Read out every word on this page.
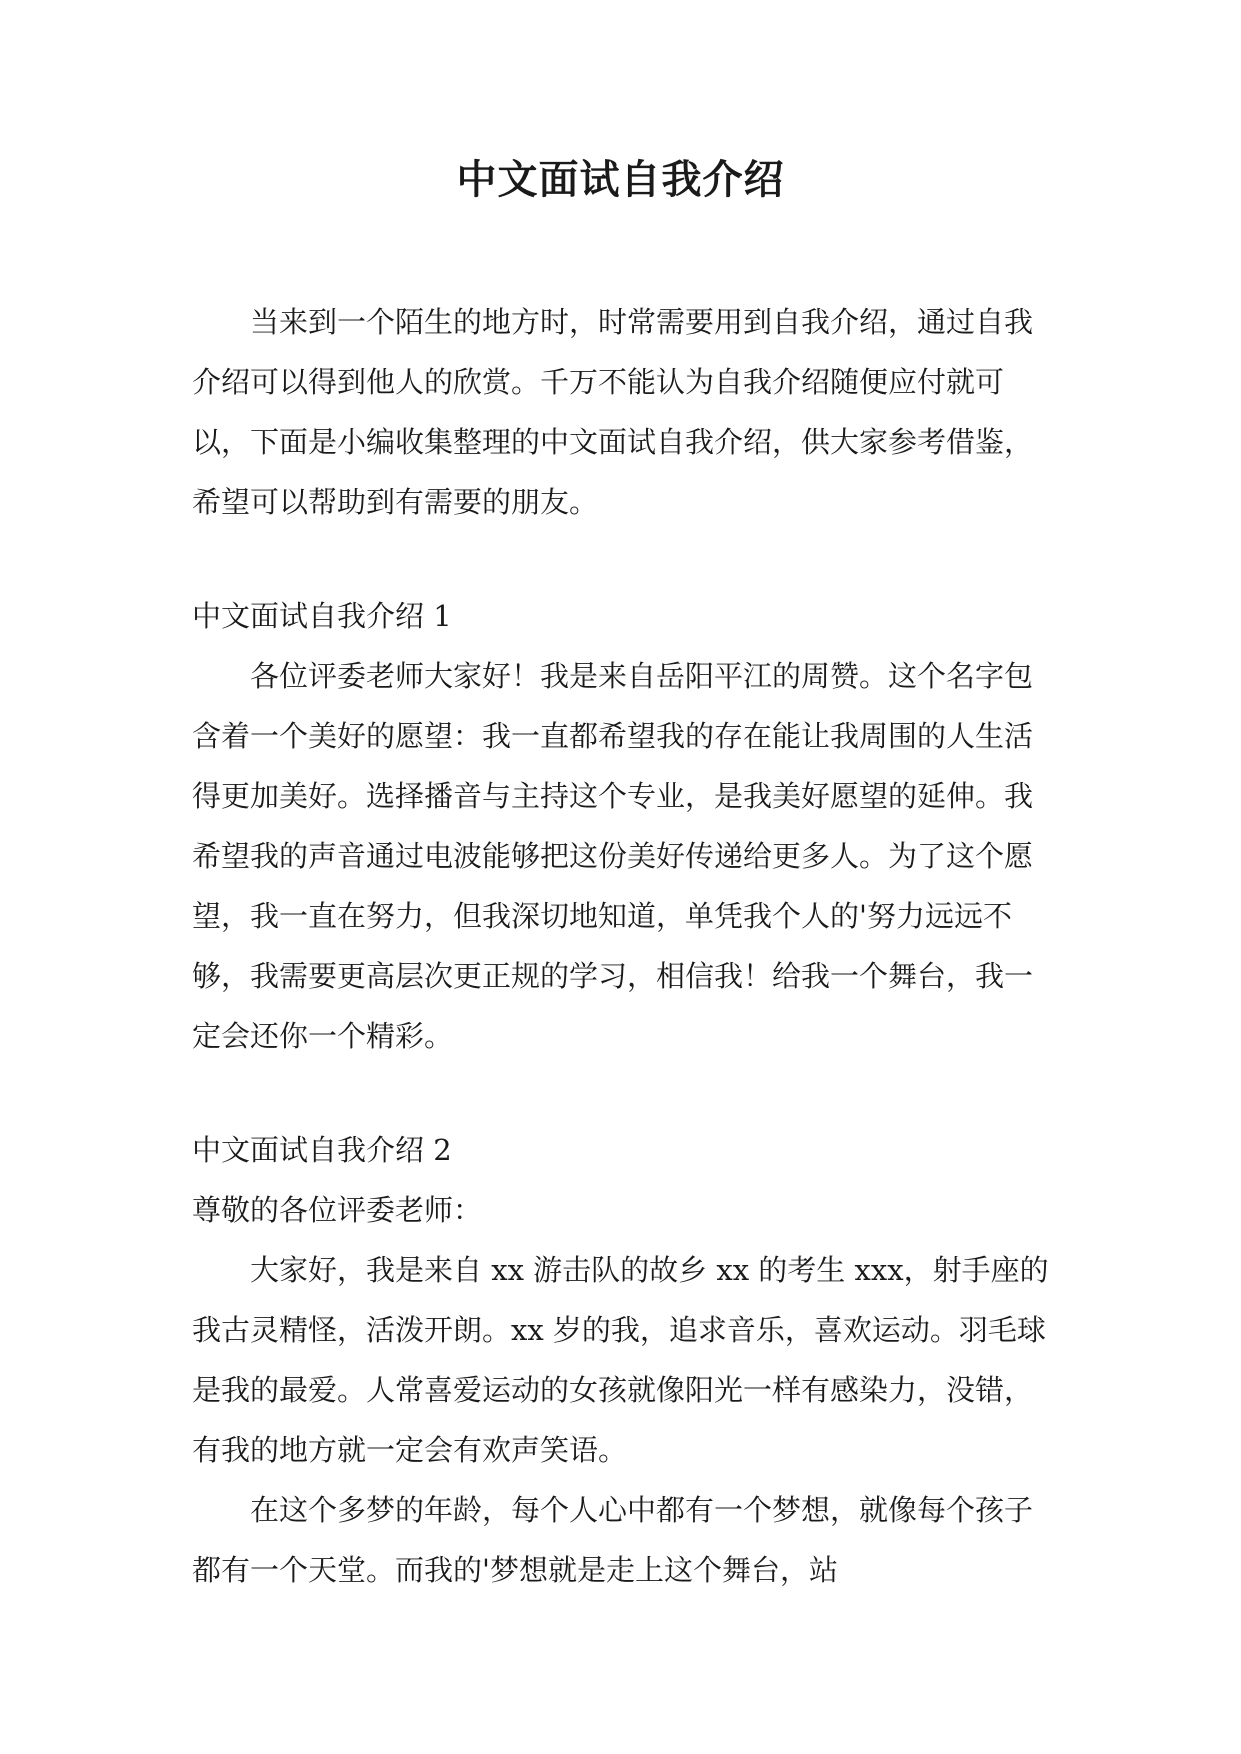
中文面试自我介绍

当来到一个陌生的地方时，时常需要用到自我介绍，通过自我介绍可以得到他人的欣赏。千万不能认为自我介绍随便应付就可以，下面是小编收集整理的中文面试自我介绍，供大家参考借鉴，希望可以帮助到有需要的朋友。

中文面试自我介绍 1

各位评委老师大家好！我是来自岳阳平江的周赞。这个名字包含着一个美好的愿望：我一直都希望我的存在能让我周围的人生活得更加美好。选择播音与主持这个专业，是我美好愿望的延伸。我希望我的声音通过电波能够把这份美好传递给更多人。为了这个愿望，我一直在努力，但我深切地知道，单凭我个人的'努力远远不够，我需要更高层次更正规的学习，相信我！给我一个舞台，我一定会还你一个精彩。

中文面试自我介绍 2

尊敬的各位评委老师：

大家好，我是来自 xx 游击队的故乡 xx 的考生 xxx，射手座的我古灵精怪，活泼开朗。xx 岁的我，追求音乐，喜欢运动。羽毛球是我的最爱。人常喜爱运动的女孩就像阳光一样有感染力，没错，有我的地方就一定会有欢声笑语。

在这个多梦的年龄，每个人心中都有一个梦想，就像每个孩子都有一个天堂。而我的'梦想就是走上这个舞台，站
